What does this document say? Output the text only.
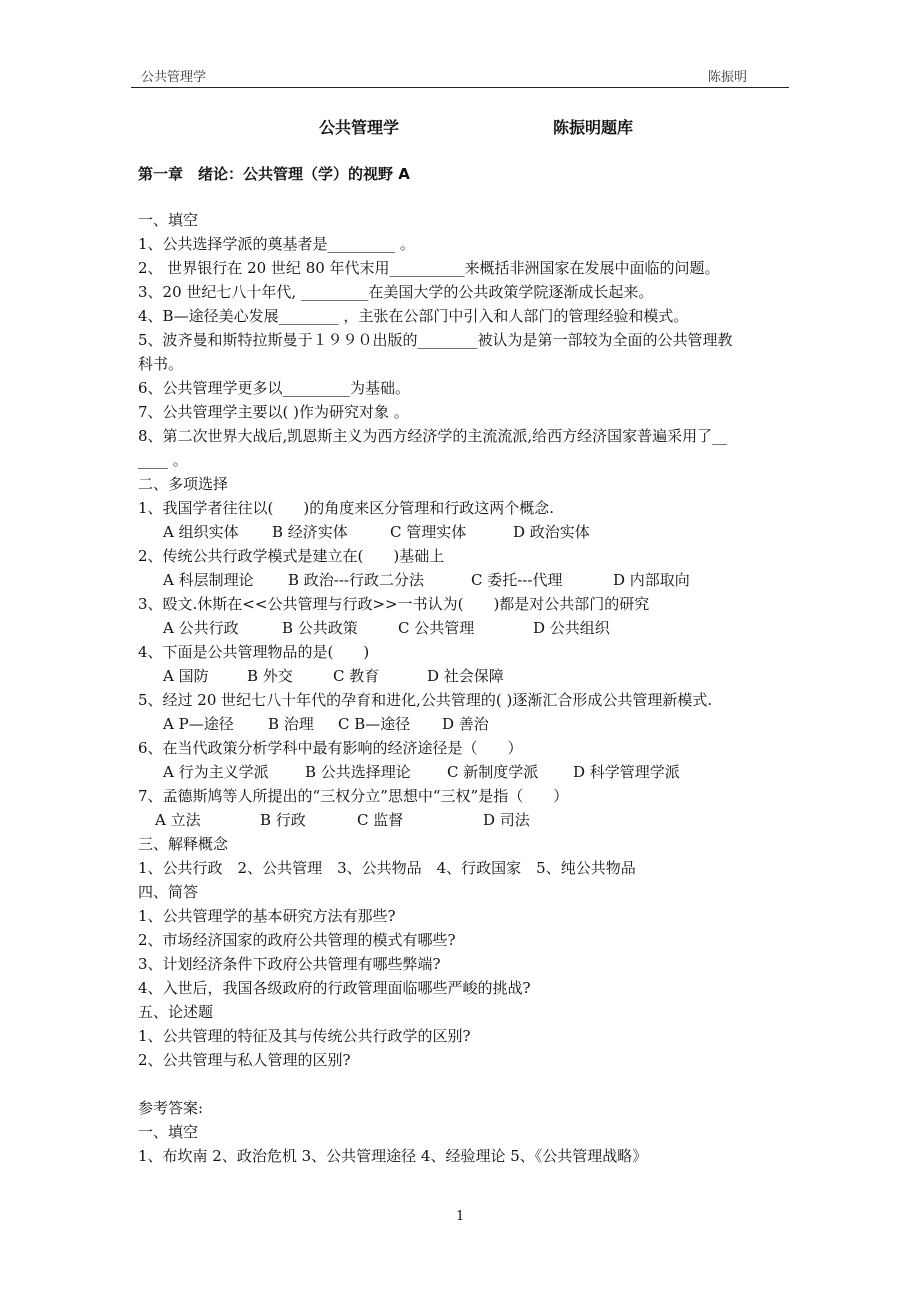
公共管理学	陈振明
公共管理学	陈振明题库
第一章　绪论：公共管理（学）的视野 A
一、填空
1、公共选择学派的奠基者是_________ 。
2、 世界银行在 20 世纪 80 年代末用__________来概括非洲国家在发展中面临的问题。
3、20 世纪七八十年代, _________在美国大学的公共政策学院逐渐成长起来。
4、B—途径美心发展________ ，主张在公部门中引入和人部门的管理经验和模式。
5、波齐曼和斯特拉斯曼于１９９０出版的________被认为是第一部较为全面的公共管理教
科书。
6、公共管理学更多以_________为基础。
7、公共管理学主要以( )作为研究对象 。
8、第二次世界大战后,凯恩斯主义为西方经济学的主流流派,给西方经济国家普遍采用了__
____ 。
二、多项选择
1、我国学者往往以(　　)的角度来区分管理和行政这两个概念.
A 组织实体 B 经济实体	C 管理实体	D 政治实体
2、传统公共行政学模式是建立在(　　)基础上
A 科层制理论 B 政治---行政二分法	C 委托---代理	D 内部取向
3、殴文.休斯在<<公共管理与行政>>一书认为(　　)都是对公共部门的研究
A 公共行政	B 公共政策	C 公共管理	D 公共组织
4、下面是公共管理物品的是(　　)
A 国防	B 外交	C 教育	D 社会保障
5、经过 20 世纪七八十年代的孕育和进化,公共管理的( )逐渐汇合形成公共管理新模式.
A P—途径 B 治理 C B—途径 D 善治
6、在当代政策分析学科中最有影响的经济途径是（　　）
A 行为主义学派 B 公共选择理论 C 新制度学派 D 科学管理学派
7、孟德斯鸠等人所提出的“三权分立”思想中“三权”是指（　　）
A 立法	B 行政	C 监督	D 司法
三、解释概念
1、公共行政　2、公共管理　3、公共物品　4、行政国家　5、纯公共物品
四、简答
1、公共管理学的基本研究方法有那些?
2、市场经济国家的政府公共管理的模式有哪些?
3、计划经济条件下政府公共管理有哪些弊端?
4、入世后，我国各级政府的行政管理面临哪些严峻的挑战?
五、论述题
1、公共管理的特征及其与传统公共行政学的区别?
2、公共管理与私人管理的区别?
参考答案:
一、填空
1、布坎南 2、政治危机 3、公共管理途径 4、经验理论 5、《公共管理战略》
1
